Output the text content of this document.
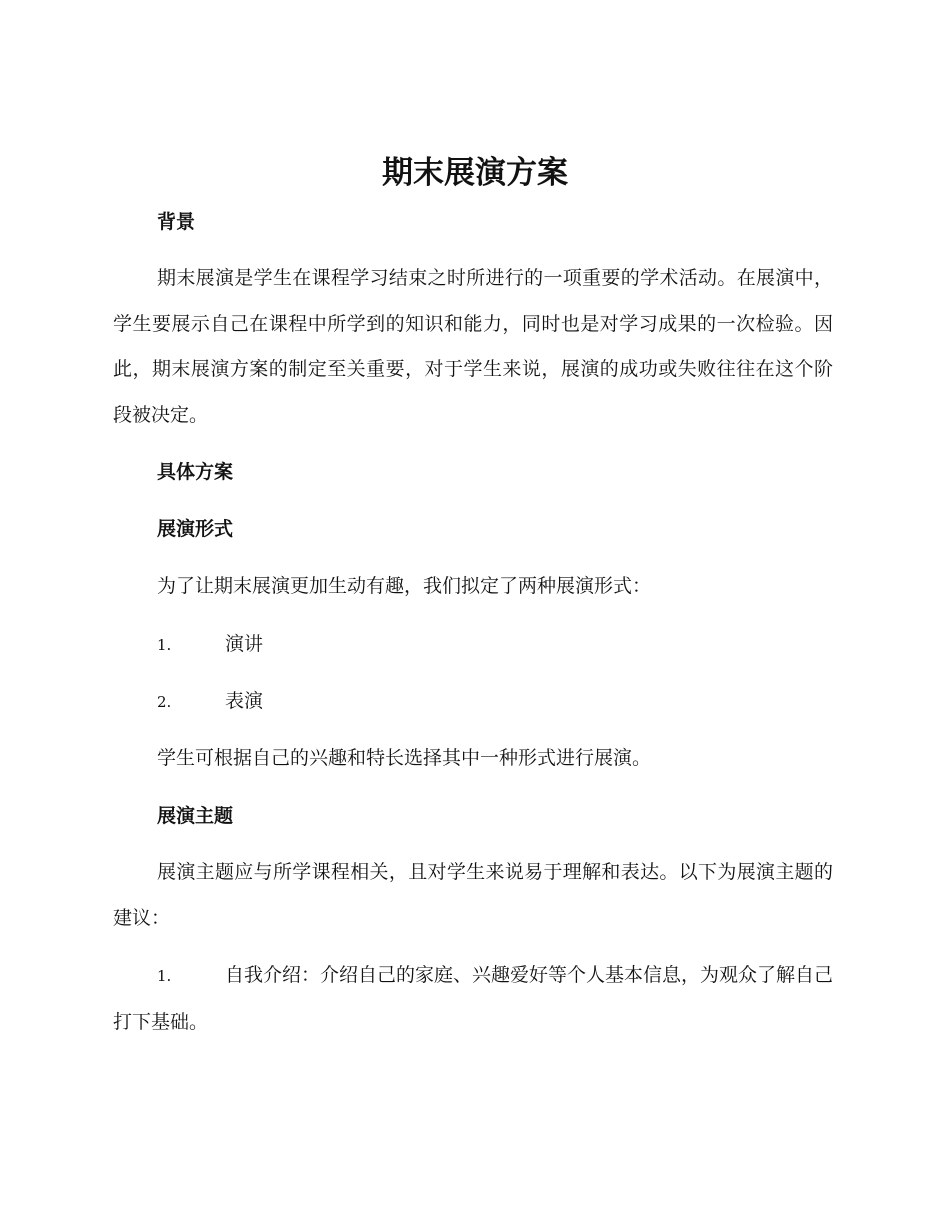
期末展演方案
背景

期末展演是学生在课程学习结束之时所进行的一项重要的学术活动。在展演中，学生要展示自己在课程中所学到的知识和能力，同时也是对学习成果的一次检验。因此，期末展演方案的制定至关重要，对于学生来说，展演的成功或失败往往在这个阶段被决定。

具体方案
展演形式

为了让期末展演更加生动有趣，我们拟定了两种展演形式：

1.	演讲
2.	表演

学生可根据自己的兴趣和特长选择其中一种形式进行展演。

展演主题

展演主题应与所学课程相关，且对学生来说易于理解和表达。以下为展演主题的建议：

1.	自我介绍：介绍自己的家庭、兴趣爱好等个人基本信息，为观众了解自己打下基础。
